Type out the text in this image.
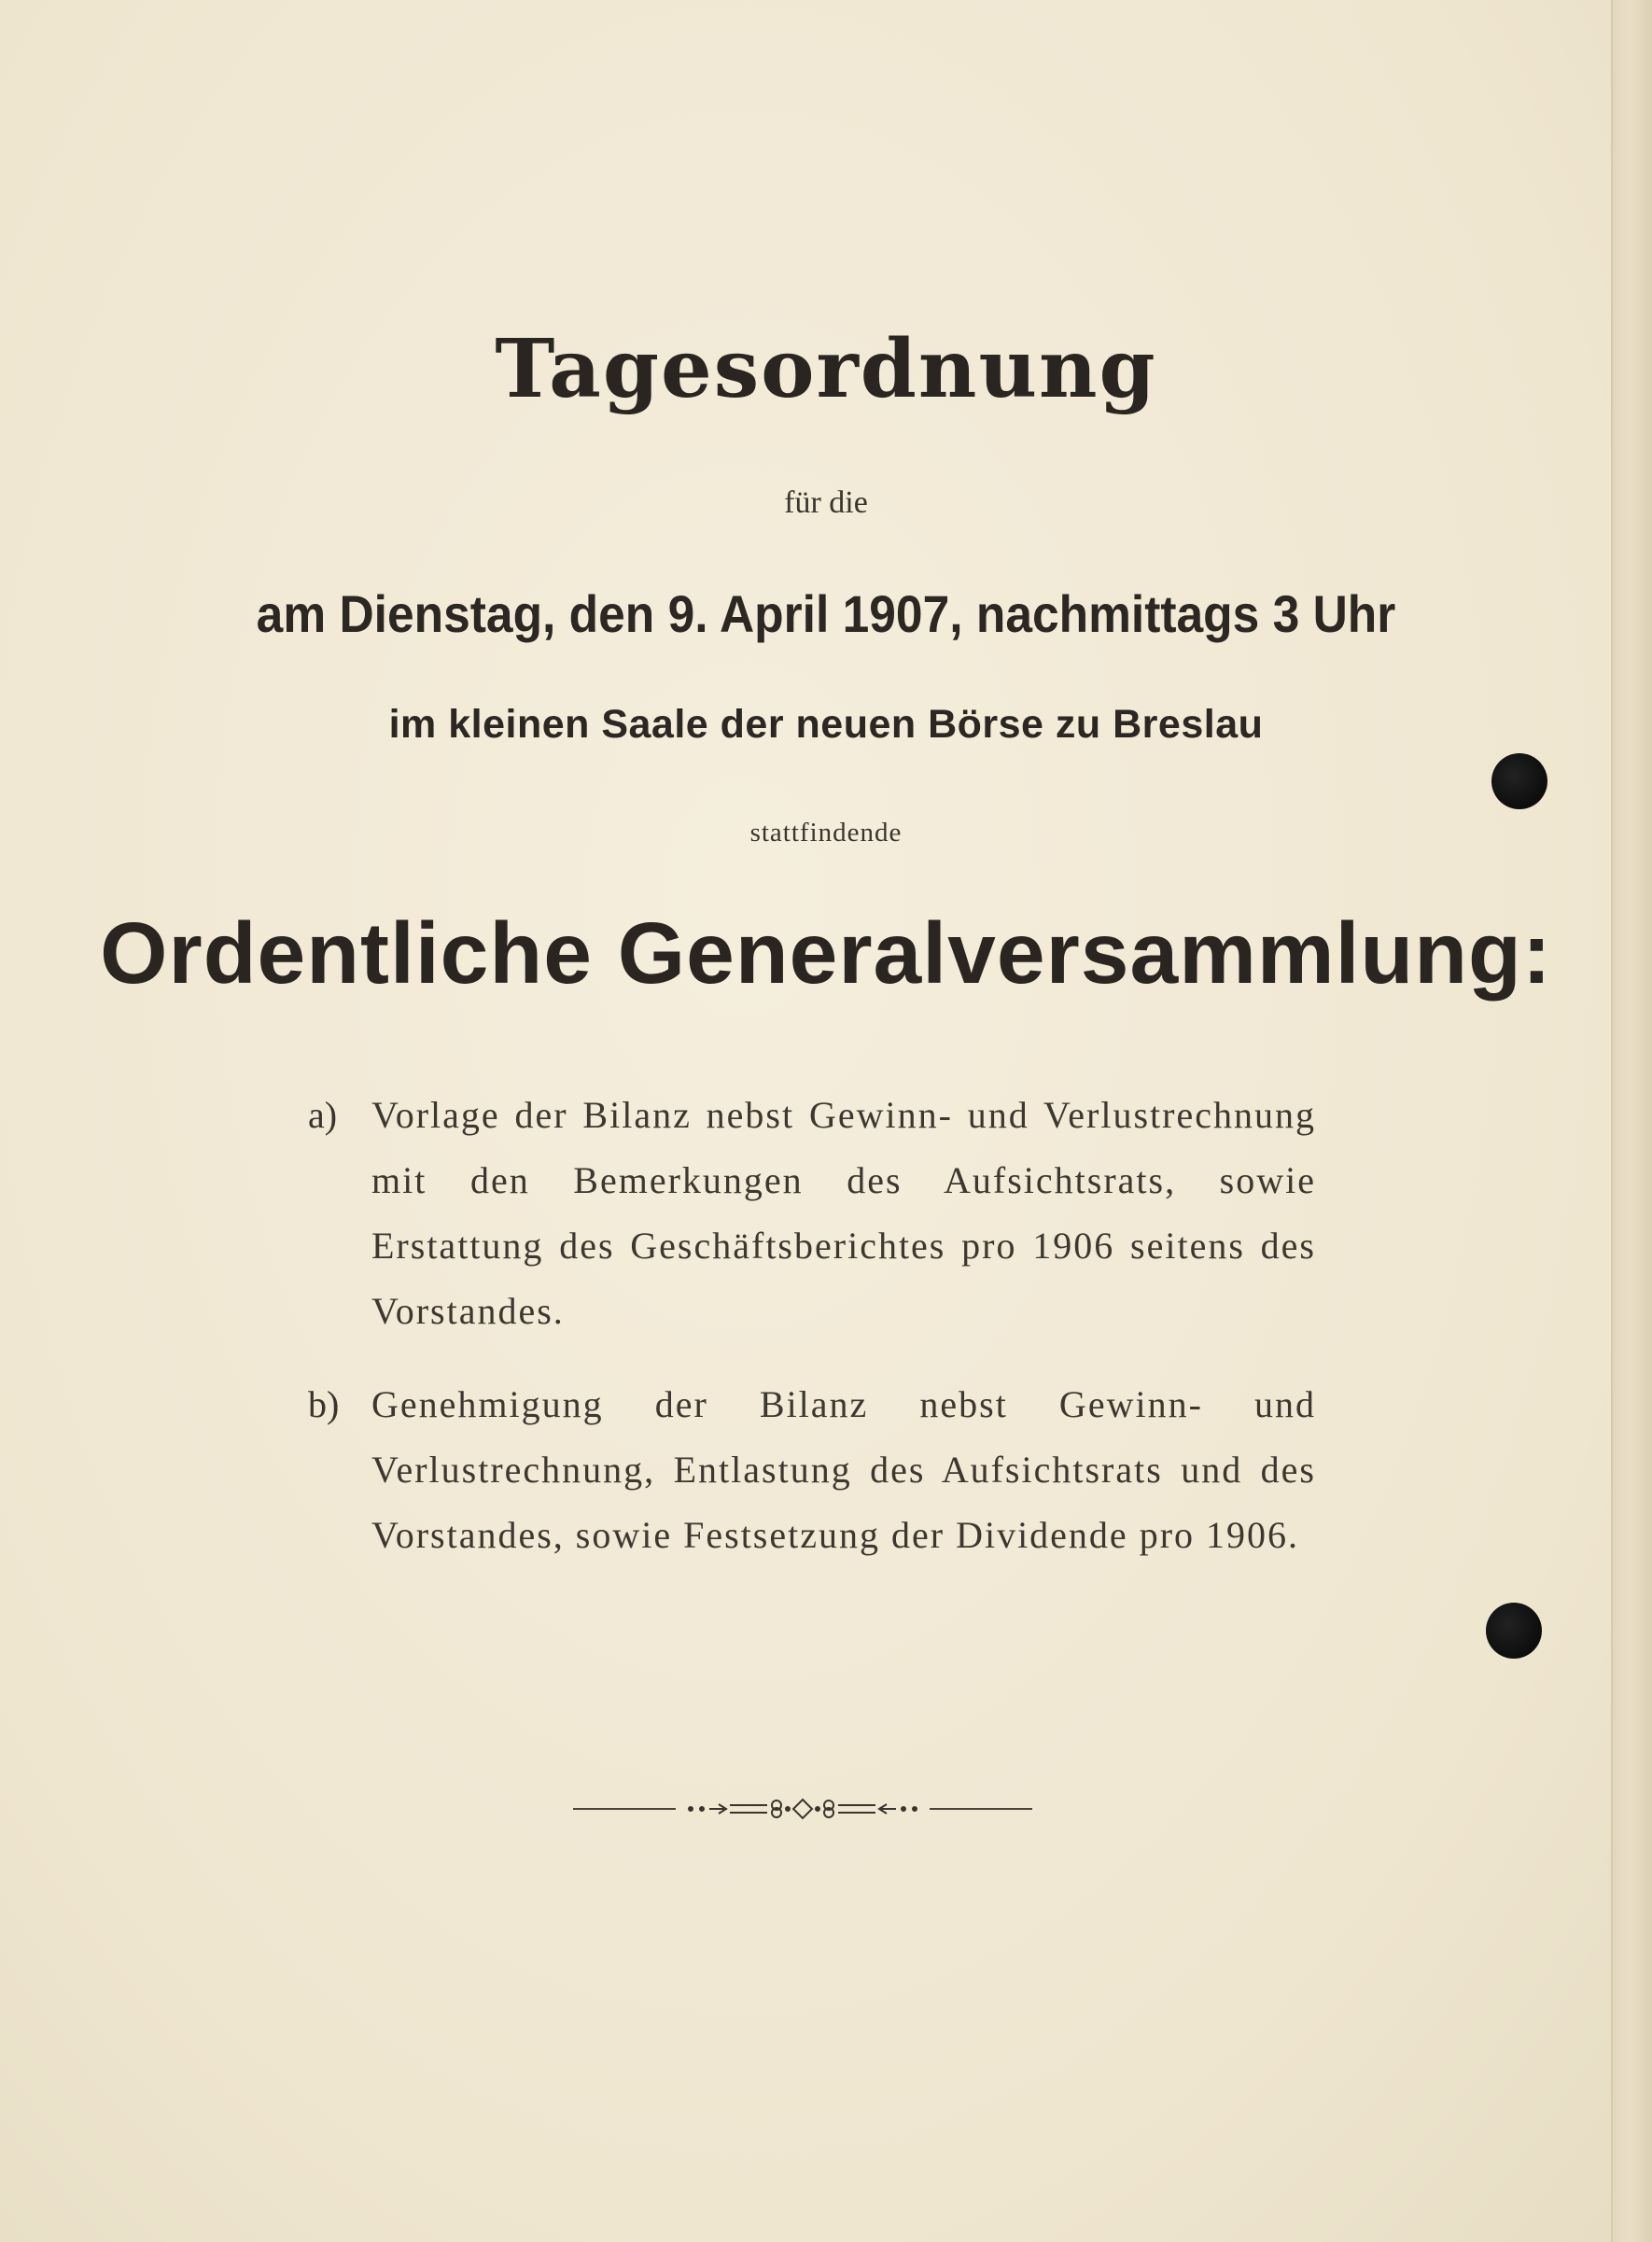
Tagesordnung
für die
am Dienstag, den 9. April 1907, nachmittags 3 Uhr
im kleinen Saale der neuen Börse zu Breslau
stattfindende
Ordentliche Generalversammlung:
a) Vorlage der Bilanz nebst Gewinn- und Verlustrechnung mit den Bemerkungen des Aufsichtsrats, sowie Erstattung des Geschäftsberichtes pro 1906 seitens des Vorstandes.
b) Genehmigung der Bilanz nebst Gewinn- und Verlustrechnung, Entlastung des Aufsichtsrats und des Vorstandes, sowie Festsetzung der Dividende pro 1906.
